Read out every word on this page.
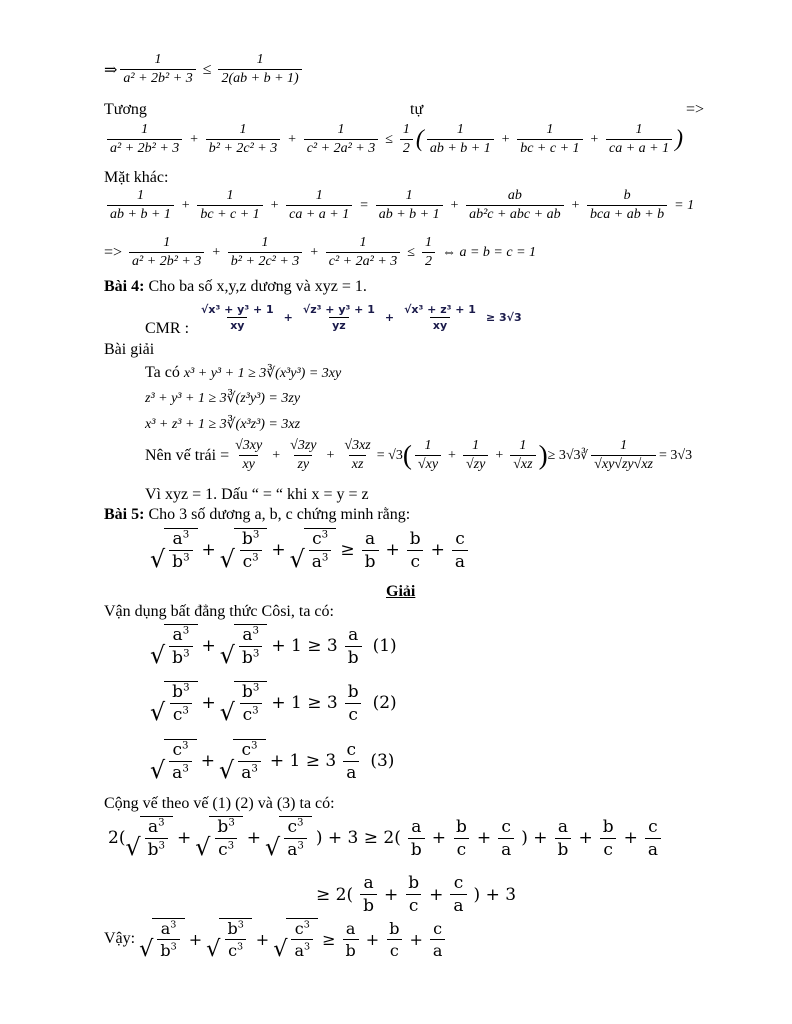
⇒ $\frac{1}{\text{a² + 2b² + 3}} \le \frac{1}{2(ab + b + 1)}$
Tương	tự	=>
$\frac{1}{\text{a² + 2b² + 3}} + \frac{1}{\text{b² + 2c² + 3}} + \frac{1}{\text{c² + 2a² + 3}} \le \frac{1}{2}$ ( $\frac{1}{ab + b + 1} + \frac{1}{bc + c + 1} + \frac{1}{ca + a + 1}$ )
Mặt khác:
$\frac{1}{ab + b + 1} + \frac{1}{bc + c + 1} + \frac{1}{ca + a + 1} = \frac{1}{ab + b + 1} + \frac{ab}{\text{ab²c + abc + ab}} + \frac{b}{\text{bca + ab + b}} = 1$
=> $\frac{1}{\text{a² + 2b² + 3}} + \frac{1}{\text{b² + 2c² + 3}} + \frac{1}{\text{c² + 2a² + 3}} \le \frac{1}{2}$ ⇔ a = b = c = 1
Bài 4:
Cho ba số x,y,z dương và xyz = 1.
CMR : $\frac{\text{√x³ + y³ + 1}}{xy} + \frac{\text{√z³ + y³ + 1}}{yz} + \frac{\text{√x³ + z³ + 1}}{xy} \ge 3√3$
Bài giải
Ta có
x³ + y³ + 1 ≥ 3∛(x³y³) = 3xy
z³ + y³ + 1 ≥ 3∛(z³y³) = 3zy
x³ + z³ + 1 ≥ 3∛(x³z³) = 3xz
Nên vế trái = $\frac{√3xy}{xy} + \frac{√3zy}{zy} + \frac{√3xz}{xz} = √3$ ( $\frac{1}{√xy} + \frac{1}{√zy} + \frac{1}{√xz}$ ) ≥ 3√3 ∛ $\frac{1}{√xy√zy√xz} = 3√3$
Vì xyz = 1. Dấu “ = “ khi x = y = z
Bài 5:
Cho 3 số dương a, b, c chứng minh rằng:
√ $\frac{a^3}{b^3}$ + √ $\frac{b^3}{c^3}$ + √ $\frac{c^3}{a^3} \ge \frac{a}{b} + \frac{b}{c} + \frac{c}{a}$
Giải
Vận dụng bất đẳng thức Côsi, ta có:
√ $\frac{a^3}{b^3}$ + √ $\frac{a^3}{b^3} + 1 \ge 3 \frac{a}{b} (1)$
√ $\frac{b^3}{c^3}$ + √ $\frac{b^3}{c^3} + 1 \ge 3 \frac{b}{c} (2)$
√ $\frac{c^3}{a^3}$ + √ $\frac{c^3}{a^3} + 1 \ge 3 \frac{c}{a} (3)$
Cộng vế theo vế (1) (2) và (3) ta có:
2( √ $\frac{a^3}{b^3}$ + √ $\frac{b^3}{c^3}$ + √ $\frac{c^3}{a^3}$ ) + $3 \ge 2( \frac{a}{b} + \frac{b}{c} + \frac{c}{a}$ ) + $\frac{a}{b} + \frac{b}{c} + \frac{c}{a}$
≥ $2( \frac{a}{b} + \frac{b}{c} + \frac{c}{a}$ ) + 3
Vậy: √ $\frac{a^3}{b^3}$ + √ $\frac{b^3}{c^3}$ + √ $\frac{c^3}{a^3} \ge \frac{a}{b} + \frac{b}{c} + \frac{c}{a}$
